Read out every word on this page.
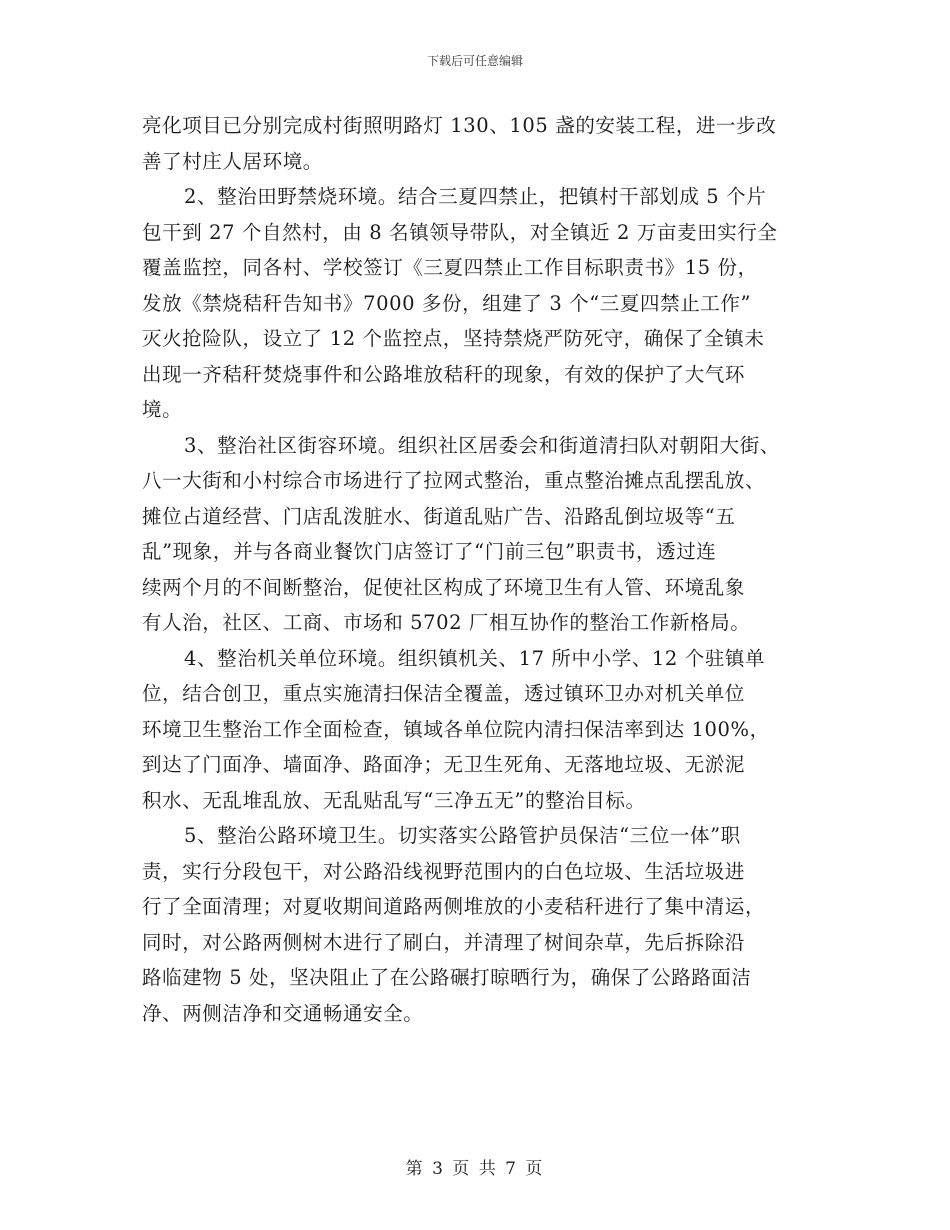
下载后可任意编辑
亮化项目已分别完成村街照明路灯 130、105 盏的安装工程，进一步改
善了村庄人居环境。
2、整治田野禁烧环境。结合三夏四禁止，把镇村干部划成 5 个片
包干到 27 个自然村，由 8 名镇领导带队，对全镇近 2 万亩麦田实行全
覆盖监控，同各村、学校签订《三夏四禁止工作目标职责书》15 份，
发放《禁烧秸秆告知书》7000 多份，组建了 3 个“三夏四禁止工作”
灭火抢险队，设立了 12 个监控点，坚持禁烧严防死守，确保了全镇未
出现一齐秸秆焚烧事件和公路堆放秸秆的现象，有效的保护了大气环
境。
3、整治社区街容环境。组织社区居委会和街道清扫队对朝阳大街、
八一大街和小村综合市场进行了拉网式整治，重点整治摊点乱摆乱放、
摊位占道经营、门店乱泼脏水、街道乱贴广告、沿路乱倒垃圾等“五
乱”现象，并与各商业餐饮门店签订了“门前三包”职责书，透过连
续两个月的不间断整治，促使社区构成了环境卫生有人管、环境乱象
有人治，社区、工商、市场和 5702 厂相互协作的整治工作新格局。
4、整治机关单位环境。组织镇机关、17 所中小学、12 个驻镇单
位，结合创卫，重点实施清扫保洁全覆盖，透过镇环卫办对机关单位
环境卫生整治工作全面检查，镇域各单位院内清扫保洁率到达 100%，
到达了门面净、墙面净、路面净；无卫生死角、无落地垃圾、无淤泥
积水、无乱堆乱放、无乱贴乱写“三净五无”的整治目标。
5、整治公路环境卫生。切实落实公路管护员保洁“三位一体”职
责，实行分段包干，对公路沿线视野范围内的白色垃圾、生活垃圾进
行了全面清理；对夏收期间道路两侧堆放的小麦秸秆进行了集中清运，
同时，对公路两侧树木进行了刷白，并清理了树间杂草，先后拆除沿
路临建物 5 处，坚决阻止了在公路碾打晾晒行为，确保了公路路面洁
净、两侧洁净和交通畅通安全。
第 3 页 共 7 页
